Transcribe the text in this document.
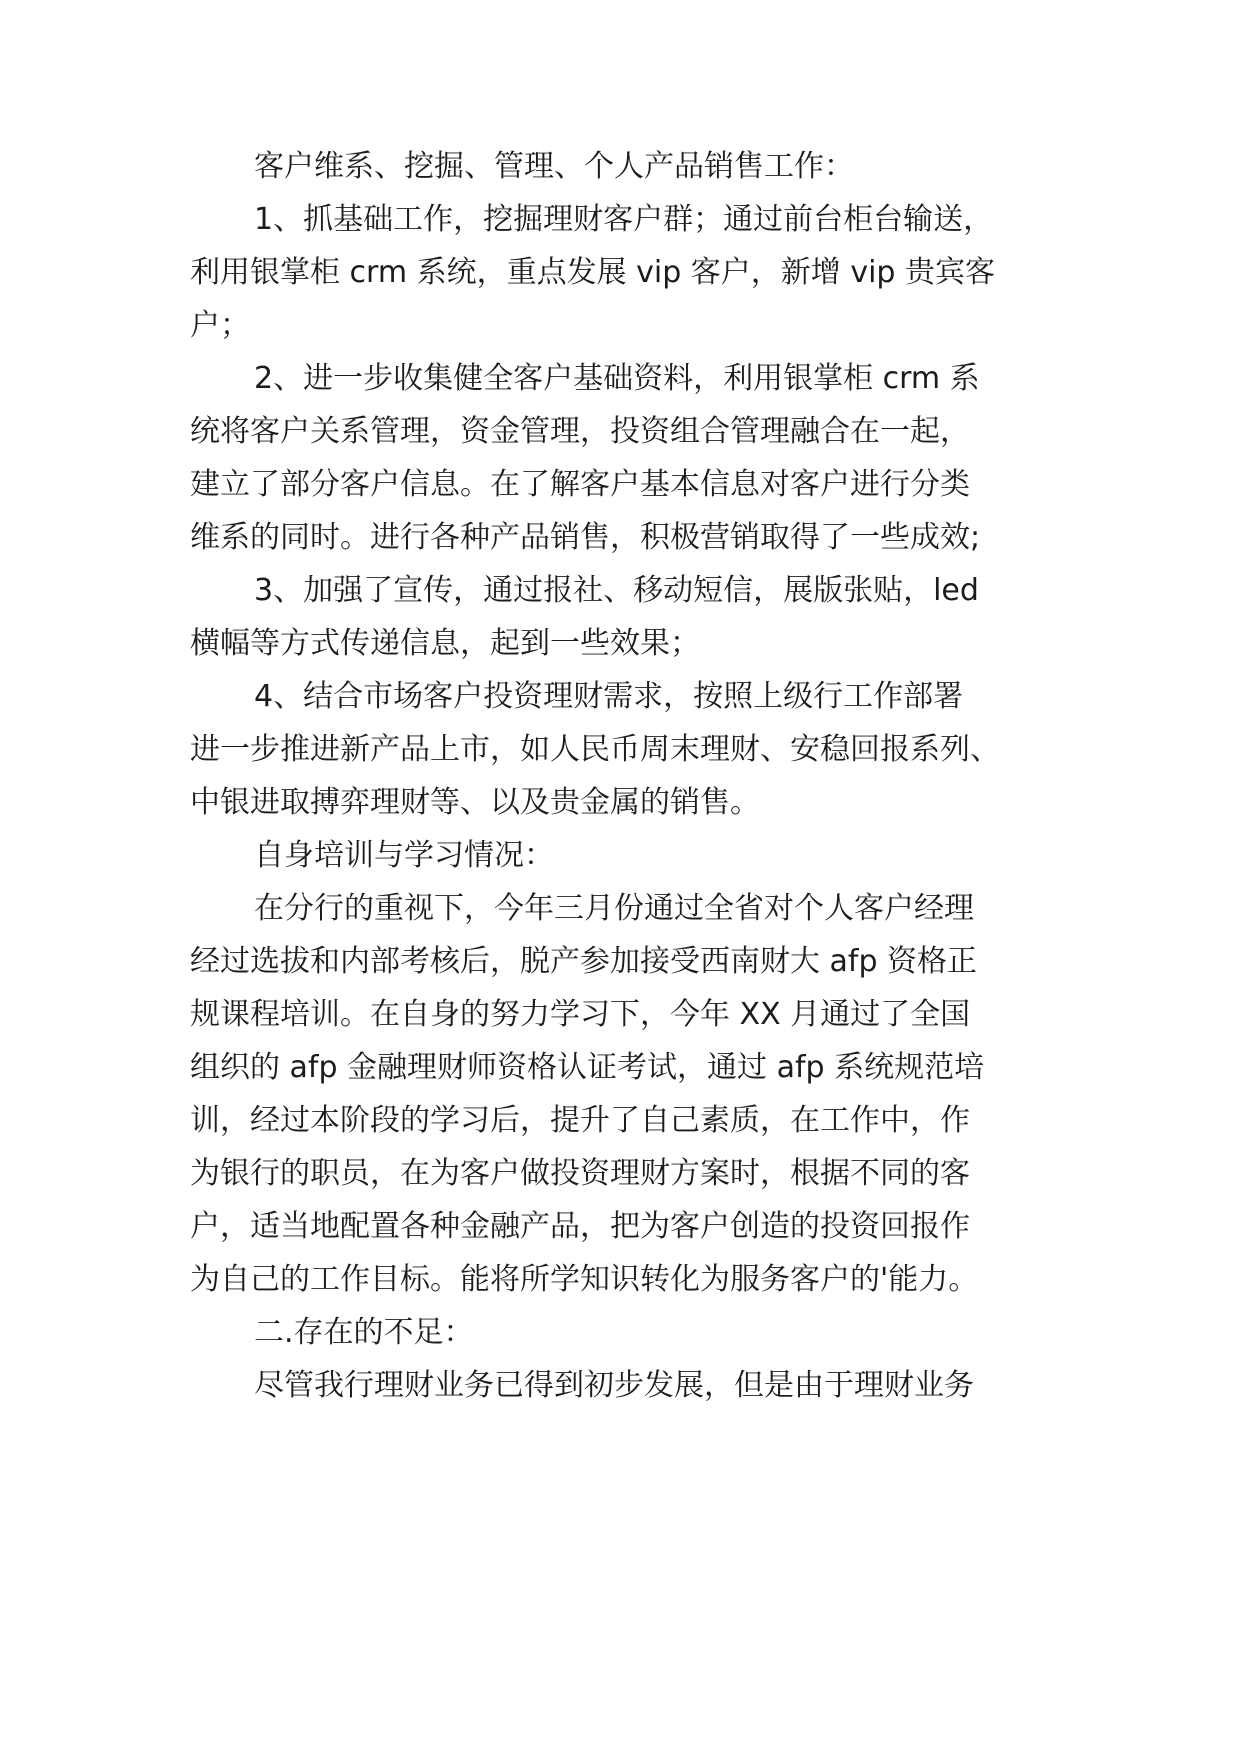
客户维系、挖掘、管理、个人产品销售工作：
1、抓基础工作，挖掘理财客户群；通过前台柜台输送，
利用银掌柜 crm 系统，重点发展 vip 客户，新增 vip 贵宾客
户；
2、进一步收集健全客户基础资料，利用银掌柜 crm 系
统将客户关系管理，资金管理，投资组合管理融合在一起，
建立了部分客户信息。在了解客户基本信息对客户进行分类
维系的同时。进行各种产品销售，积极营销取得了一些成效;
3、加强了宣传，通过报社、移动短信，展版张贴，led
横幅等方式传递信息，起到一些效果；
4、结合市场客户投资理财需求，按照上级行工作部署
进一步推进新产品上市，如人民币周末理财、安稳回报系列、
中银进取搏弈理财等、以及贵金属的销售。
自身培训与学习情况：
在分行的重视下，今年三月份通过全省对个人客户经理
经过选拔和内部考核后，脱产参加接受西南财大 afp 资格正
规课程培训。在自身的努力学习下，今年 XX 月通过了全国
组织的 afp 金融理财师资格认证考试，通过 afp 系统规范培
训，经过本阶段的学习后，提升了自己素质，在工作中，作
为银行的职员，在为客户做投资理财方案时，根据不同的客
户，适当地配置各种金融产品，把为客户创造的投资回报作
为自己的工作目标。能将所学知识转化为服务客户的'能力。
二.存在的不足：
尽管我行理财业务已得到初步发展，但是由于理财业务
